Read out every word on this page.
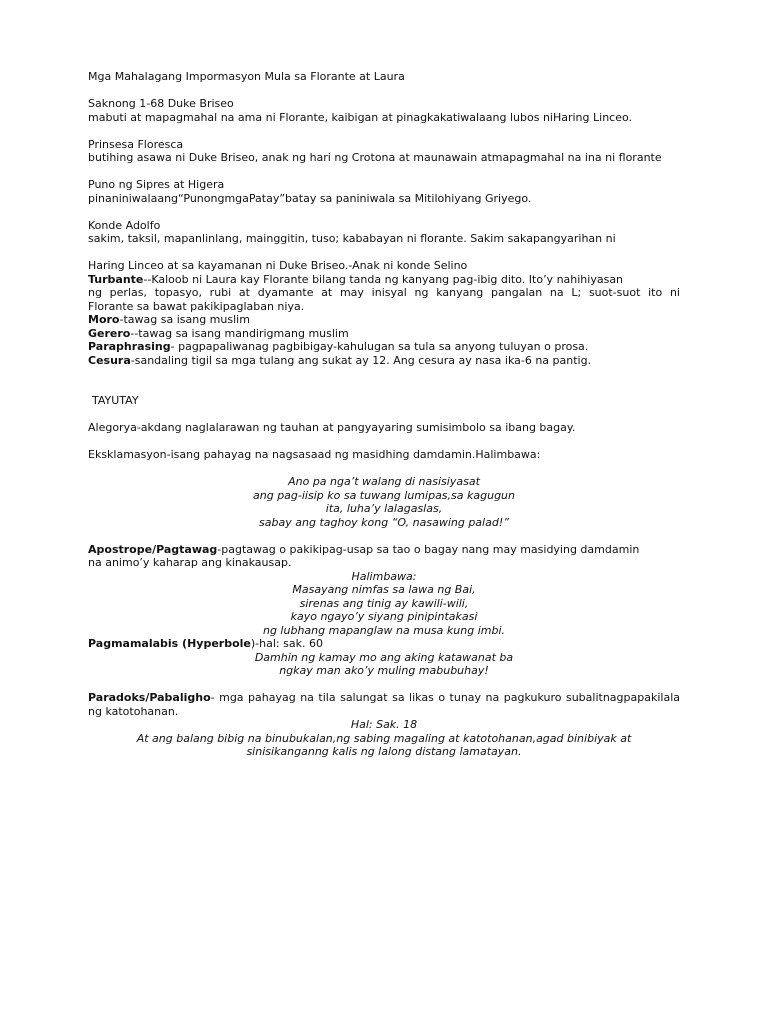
Mga Mahalagang Impormasyon Mula sa Florante at Laura

Saknong 1-68 Duke Briseo

mabuti at mapagmahal na ama ni Florante, kaibigan at pinagkakatiwalaang lubos niHaring Linceo.

Prinsesa Floresca

butihing asawa ni Duke Briseo, anak ng hari ng Crotona at maunawain atmapagmahal na ina ni florante

Puno ng Sipres at Higera

pinaniniwalaang“PunongmgaPatay”batay sa paniniwala sa Mitilohiyang Griyego.

Konde Adolfo

sakim, taksil, mapanlinlang, mainggitin, tuso; kababayan ni florante. Sakim sakapangyarihan ni

Haring Linceo at sa kayamanan ni Duke Briseo.-Anak ni konde Selino

Turbante--Kaloob ni Laura kay Florante bilang tanda ng kanyang pag-ibig dito. Ito’y nahihiyasan

ng perlas, topasyo, rubi at dyamante at may inisyal ng kanyang pangalan na L; suot-suot ito ni

Florante sa bawat pakikipaglaban niya.

Moro-tawag sa isang muslim

Gerero--tawag sa isang mandirigmang muslim

Paraphrasing- pagpapaliwanag pagbibigay-kahulugan sa tula sa anyong tuluyan o prosa.

Cesura-sandaling tigil sa mga tulang ang sukat ay 12. Ang cesura ay nasa ika-6 na pantig.

TAYUTAY

Alegorya-akdang naglalarawan ng tauhan at pangyayaring sumisimbolo sa ibang bagay.

Eksklamasyon-isang pahayag na nagsasaad ng masidhing damdamin.Halimbawa:

Ano pa nga’t walang di nasisiyasat

ang pag-iisip ko sa tuwang lumipas,sa kagugun

ita, luha’y lalagaslas,

sabay ang taghoy kong “O, nasawing palad!”

Apostrope/Pagtawag-pagtawag o pakikipag-usap sa tao o bagay nang may masidying damdamin

na animo’y kaharap ang kinakausap.

Halimbawa:

Masayang nimfas sa lawa ng Bai,

sirenas ang tinig ay kawili-wili,

kayo ngayo’y siyang pinipintakasi

ng lubhang mapanglaw na musa kung imbi.

Pagmamalabis (Hyperbole)-hal: sak. 60

Damhin ng kamay mo ang aking katawanat ba

ngkay man ako’y muling mabubuhay!

Paradoks/Pabaligho- mga pahayag na tila salungat sa likas o tunay na pagkukuro subalitnagpapakilala

ng katotohanan.

Hal: Sak. 18

At ang balang bibig na binubukalan,ng sabing magaling at katotohanan,agad binibiyak at

sinisikanganng kalis ng lalong distang lamatayan.
